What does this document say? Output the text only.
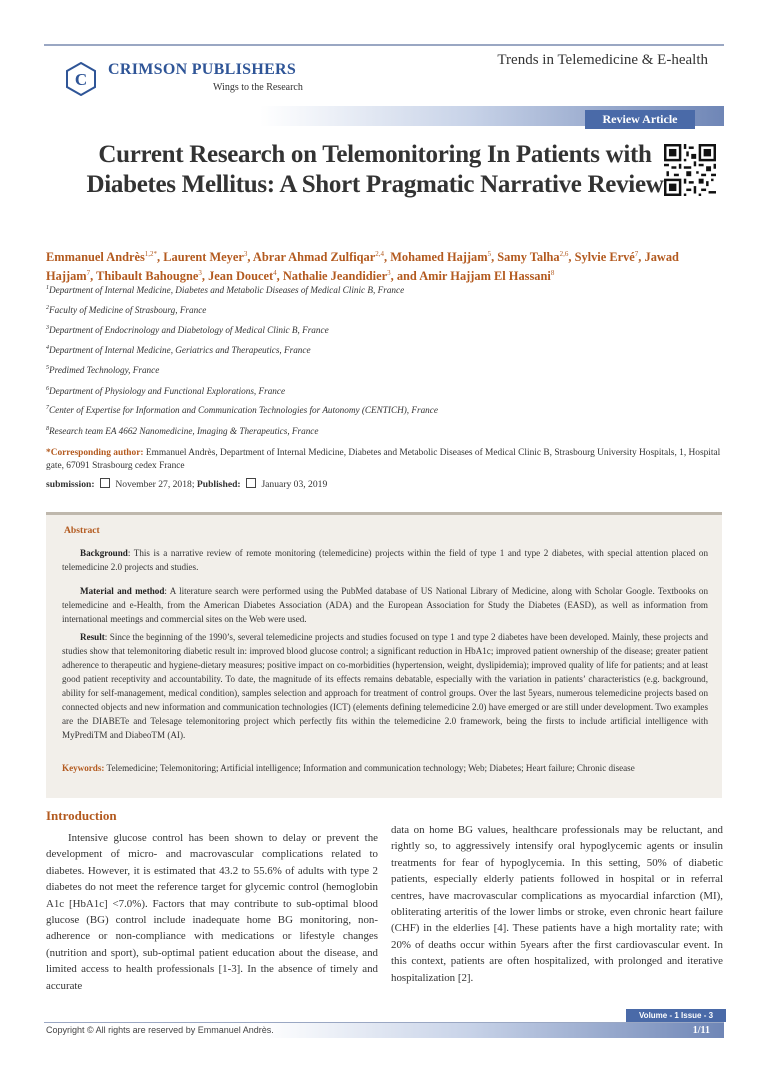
C
CRIMSON PUBLISHERS
Wings to the Research
Trends in Telemedicine & E-health
Review Article
Current Research on Telemonitoring In Patients with Diabetes Mellitus: A Short Pragmatic Narrative Review
Emmanuel Andrès$^{1,2*}$, Laurent Meyer$^3$, Abrar Ahmad Zulfiqar$^{2,4}$, Mohamed Hajjam$^5$, Samy Talha$^{2,6}$, Sylvie Ervé$^7$, Jawad Hajjam$^7$, Thibault Bahougne$^3$, Jean Doucet$^4$, Nathalie Jeandidier$^3$, and Amir Hajjam El Hassani$^8$
$^1$Department of Internal Medicine, Diabetes and Metabolic Diseases of Medical Clinic B, France
$^2$Faculty of Medicine of Strasbourg, France
$^3$Department of Endocrinology and Diabetology of Medical Clinic B, France
$^4$Department of Internal Medicine, Geriatrics and Therapeutics, France
$^5$Predimed Technology, France
$^6$Department of Physiology and Functional Explorations, France
$^7$Center of Expertise for Information and Communication Technologies for Autonomy (CENTICH), France
$^8$Research team EA 4662 Nanomedicine, Imaging & Therapeutics, France
*Corresponding author: Emmanuel Andrès, Department of Internal Medicine, Diabetes and Metabolic Diseases of Medical Clinic B, Strasbourg University Hospitals, 1, Hospital gate, 67091 Strasbourg cedex France
submission: November 27, 2018; Published: January 03, 2019
Abstract
Background: This is a narrative review of remote monitoring (telemedicine) projects within the field of type 1 and type 2 diabetes, with special attention placed on telemedicine 2.0 projects and studies.
Material and method: A literature search were performed using the PubMed database of US National Library of Medicine, along with Scholar Google. Textbooks on telemedicine and e-Health, from the American Diabetes Association (ADA) and the European Association for Study the Diabetes (EASD), as well as information from international meetings and commercial sites on the Web were used.
Result: Since the beginning of the 1990’s, several telemedicine projects and studies focused on type 1 and type 2 diabetes have been developed. Mainly, these projects and studies show that telemonitoring diabetic result in: improved blood glucose control; a significant reduction in HbA1c; improved patient ownership of the disease; greater patient adherence to therapeutic and hygiene-dietary measures; positive impact on co-morbidities (hypertension, weight, dyslipidemia); improved quality of life for patients; and at least good patient receptivity and accountability. To date, the magnitude of its effects remains debatable, especially with the variation in patients’ characteristics (e.g. background, ability for self-management, medical condition), samples selection and approach for treatment of control groups. Over the last 5years, numerous telemedicine projects based on connected objects and new information and communication technologies (ICT) (elements defining telemedicine 2.0) have emerged or are still under development. Two examples are the DIABETe and Telesage telemonitoring project which perfectly fits within the telemedicine 2.0 framework, being the firsts to include artificial intelligence with MyPrediTM and DiabeoTM (AI).
Keywords: Telemedicine; Telemonitoring; Artificial intelligence; Information and communication technology; Web; Diabetes; Heart failure; Chronic disease
Introduction
Intensive glucose control has been shown to delay or prevent the development of micro- and macrovascular complications related to diabetes. However, it is estimated that 43.2 to 55.6% of adults with type 2 diabetes do not meet the reference target for glycemic control (hemoglobin A1c [HbA1c] <7.0%). Factors that may contribute to sub-optimal blood glucose (BG) control include inadequate home BG monitoring, non-adherence or non-compliance with medications or lifestyle changes (nutrition and sport), sub-optimal patient education about the disease, and limited access to health professionals [1-3]. In the absence of timely and accurate
data on home BG values, healthcare professionals may be reluctant, and rightly so, to aggressively intensify oral hypoglycemic agents or insulin treatments for fear of hypoglycemia. In this setting, 50% of diabetic patients, especially elderly patients followed in hospital or in referral centres, have macrovascular complications as myocardial infarction (MI), obliterating arteritis of the lower limbs or stroke, even chronic heart failure (CHF) in the elderlies [4]. These patients have a high mortality rate; with 20% of deaths occur within 5years after the first cardiovascular event. In this context, patients are often hospitalized, with prolonged and iterative hospitalization [2].
Volume - 1 Issue - 3
Copyright © All rights are reserved by Emmanuel Andrès.	1/11
